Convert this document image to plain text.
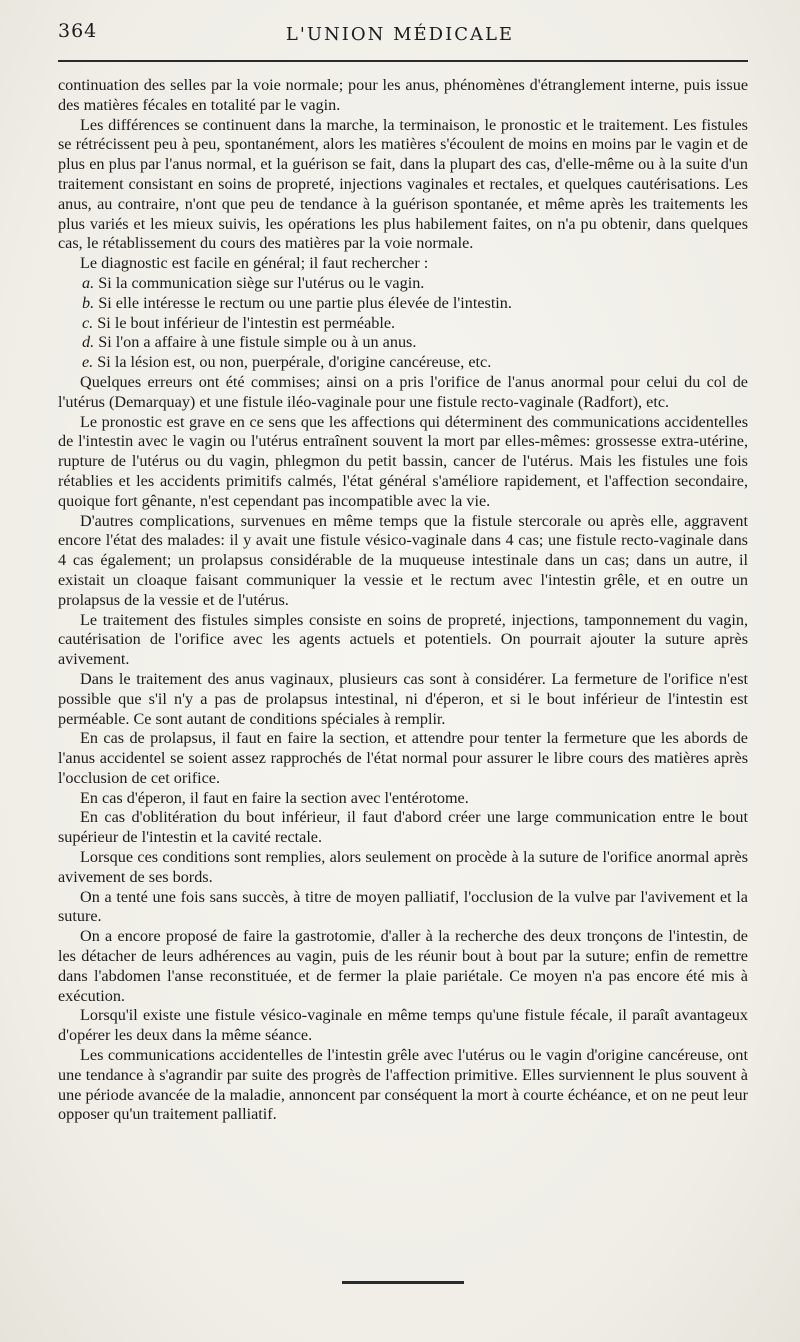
364	L'UNION MÉDICALE

continuation des selles par la voie normale; pour les anus, phénomènes d'étranglement interne, puis issue des matières fécales en totalité par le vagin.

Les différences se continuent dans la marche, la terminaison, le pronostic et le traitement. Les fistules se rétrécissent peu à peu, spontanément, alors les matières s'écoulent de moins en moins par le vagin et de plus en plus par l'anus normal, et la guérison se fait, dans la plupart des cas, d'elle-même ou à la suite d'un traitement consistant en soins de propreté, injections vaginales et rectales, et quelques cautérisations. Les anus, au contraire, n'ont que peu de tendance à la guérison spontanée, et même après les traitements les plus variés et les mieux suivis, les opérations les plus habilement faites, on n'a pu obtenir, dans quelques cas, le rétablissement du cours des matières par la voie normale.

Le diagnostic est facile en général; il faut rechercher :

a. Si la communication siège sur l'utérus ou le vagin.

b. Si elle intéresse le rectum ou une partie plus élevée de l'intestin.

c. Si le bout inférieur de l'intestin est perméable.

d. Si l'on a affaire à une fistule simple ou à un anus.

e. Si la lésion est, ou non, puerpérale, d'origine cancéreuse, etc.

Quelques erreurs ont été commises; ainsi on a pris l'orifice de l'anus anormal pour celui du col de l'utérus (Demarquay) et une fistule iléo-vaginale pour une fistule recto-vaginale (Radfort), etc.

Le pronostic est grave en ce sens que les affections qui déterminent des communications accidentelles de l'intestin avec le vagin ou l'utérus entraînent souvent la mort par elles-mêmes: grossesse extra-utérine, rupture de l'utérus ou du vagin, phlegmon du petit bassin, cancer de l'utérus. Mais les fistules une fois rétablies et les accidents primitifs calmés, l'état général s'améliore rapidement, et l'affection secondaire, quoique fort gênante, n'est cependant pas incompatible avec la vie.

D'autres complications, survenues en même temps que la fistule stercorale ou après elle, aggravent encore l'état des malades: il y avait une fistule vésico-vaginale dans 4 cas; une fistule recto-vaginale dans 4 cas également; un prolapsus considérable de la muqueuse intestinale dans un cas; dans un autre, il existait un cloaque faisant communiquer la vessie et le rectum avec l'intestin grêle, et en outre un prolapsus de la vessie et de l'utérus.

Le traitement des fistules simples consiste en soins de propreté, injections, tamponnement du vagin, cautérisation de l'orifice avec les agents actuels et potentiels. On pourrait ajouter la suture après avivement.

Dans le traitement des anus vaginaux, plusieurs cas sont à considérer. La fermeture de l'orifice n'est possible que s'il n'y a pas de prolapsus intestinal, ni d'éperon, et si le bout inférieur de l'intestin est perméable. Ce sont autant de conditions spéciales à remplir.

En cas de prolapsus, il faut en faire la section, et attendre pour tenter la fermeture que les abords de l'anus accidentel se soient assez rapprochés de l'état normal pour assurer le libre cours des matières après l'occlusion de cet orifice.

En cas d'éperon, il faut en faire la section avec l'entérotome.

En cas d'oblitération du bout inférieur, il faut d'abord créer une large communication entre le bout supérieur de l'intestin et la cavité rectale.

Lorsque ces conditions sont remplies, alors seulement on procède à la suture de l'orifice anormal après avivement de ses bords.

On a tenté une fois sans succès, à titre de moyen palliatif, l'occlusion de la vulve par l'avivement et la suture.

On a encore proposé de faire la gastrotomie, d'aller à la recherche des deux tronçons de l'intestin, de les détacher de leurs adhérences au vagin, puis de les réunir bout à bout par la suture; enfin de remettre dans l'abdomen l'anse reconstituée, et de fermer la plaie pariétale. Ce moyen n'a pas encore été mis à exécution.

Lorsqu'il existe une fistule vésico-vaginale en même temps qu'une fistule fécale, il paraît avantageux d'opérer les deux dans la même séance.

Les communications accidentelles de l'intestin grêle avec l'utérus ou le vagin d'origine cancéreuse, ont une tendance à s'agrandir par suite des progrès de l'affection primitive. Elles surviennent le plus souvent à une période avancée de la maladie, annoncent par conséquent la mort à courte échéance, et on ne peut leur opposer qu'un traitement palliatif.
